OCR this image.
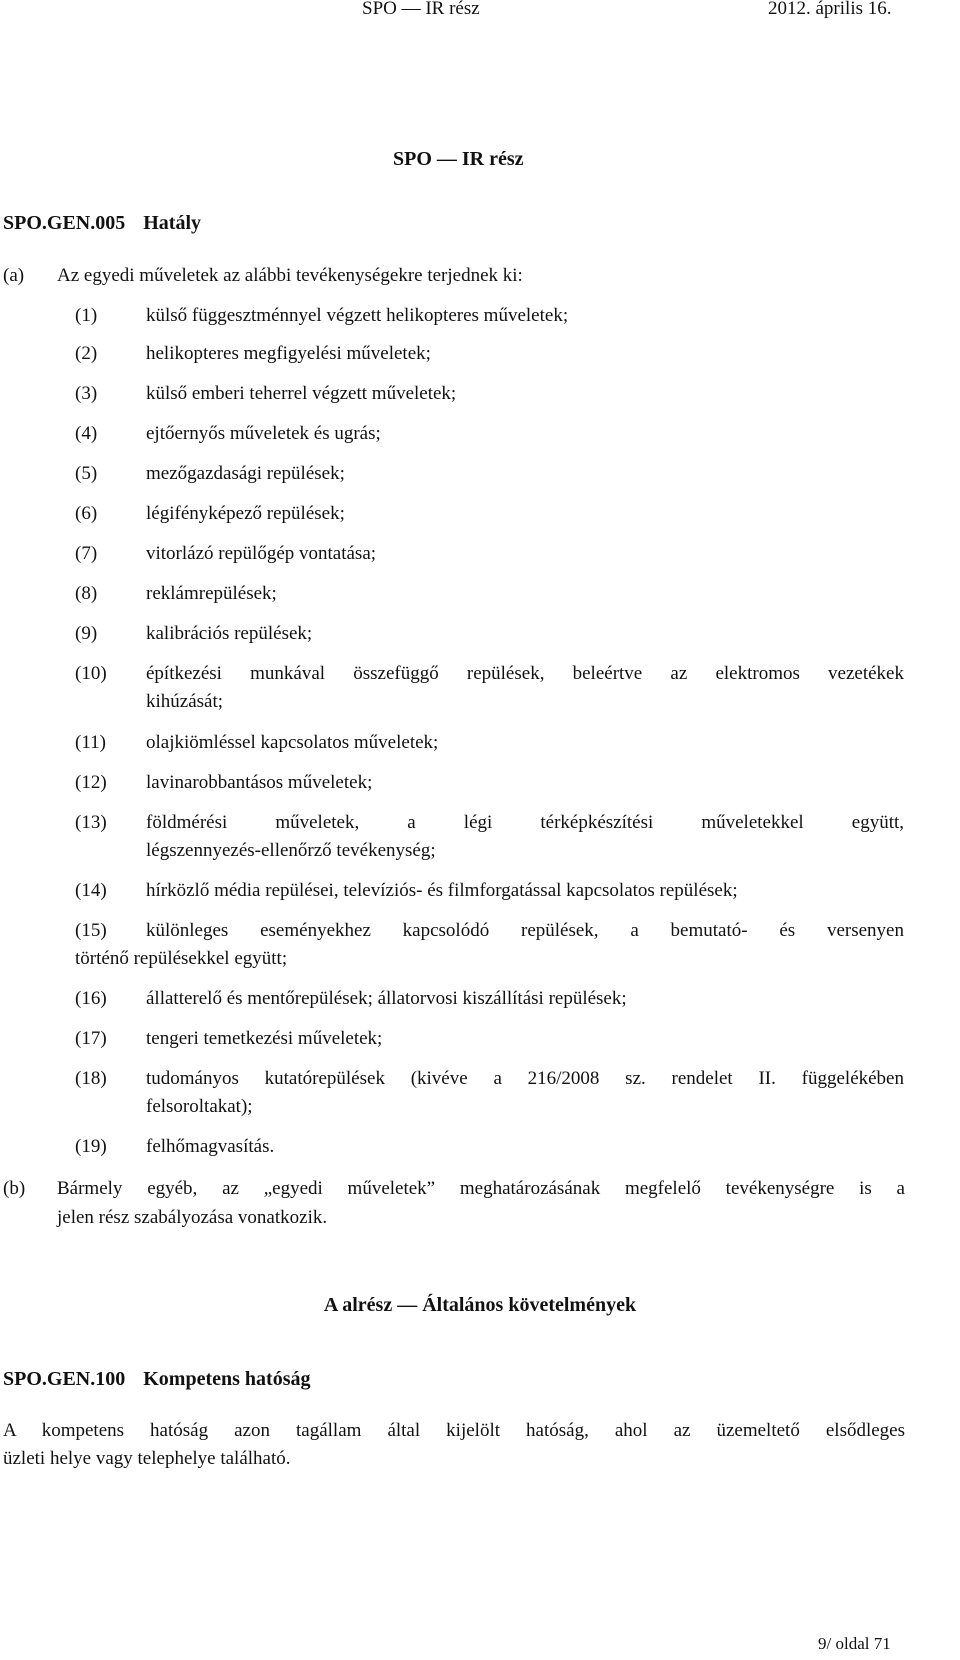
SPO — IR rész	2012. április 16.
SPO — IR rész
SPO.GEN.005 Hatály
(a) Az egyedi műveletek az alábbi tevékenységekre terjednek ki:
(1)	külső függesztménnyel végzett helikopteres műveletek;
(2)	helikopteres megfigyelési műveletek;
(3)	külső emberi teherrel végzett műveletek;
(4)	ejtőernyős műveletek és ugrás;
(5)	mezőgazdasági repülések;
(6)	légifényképező repülések;
(7)	vitorlázó repülőgép vontatása;
(8)	reklámrepülések;
(9)	kalibrációs repülések;
(10) építkezési munkával összefüggő repülések, beleértve az elektromos vezetékek
kihúzását;
(11) olajkiömléssel kapcsolatos műveletek;
(12) lavinarobbantásos műveletek;
(13) földmérési műveletek, a légi térképkészítési műveletekkel együtt,
légszennyezés-ellenőrző tevékenység;
(14) hírközlő média repülései, televíziós- és filmforgatással kapcsolatos repülések;
(15) különleges eseményekhez kapcsolódó repülések, a bemutató- és versenyen
történő repülésekkel együtt;
(16) állatterelő és mentőrepülések; állatorvosi kiszállítási repülések;
(17) tengeri temetkezési műveletek;
(18) tudományos kutatórepülések (kivéve a 216/2008 sz. rendelet II. függelékében
felsoroltakat);
(19) felhőmagvasítás.
(b) Bármely egyéb, az „egyedi műveletek” meghatározásának megfelelő tevékenységre is a
jelen rész szabályozása vonatkozik.
A alrész — Általános követelmények
SPO.GEN.100 Kompetens hatóság
A kompetens hatóság azon tagállam által kijelölt hatóság, ahol az üzemeltető elsődleges
üzleti helye vagy telephelye található.
9/ oldal 71
